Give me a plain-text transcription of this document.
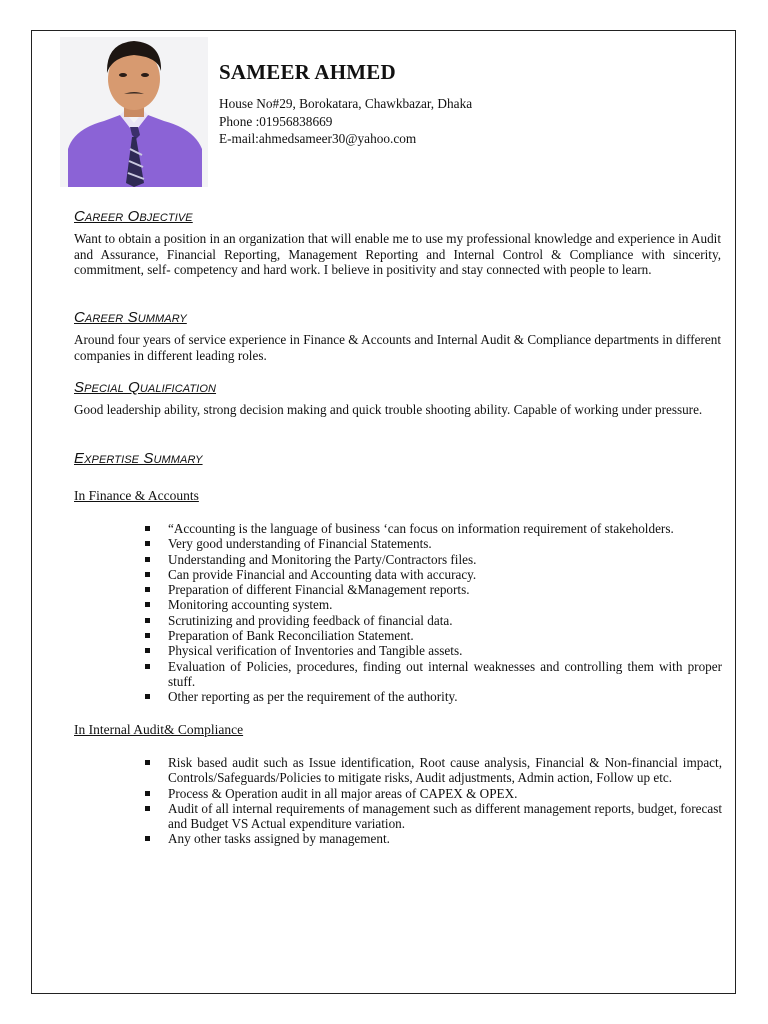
SAMEER AHMED
House No#29, Borokatara, Chawkbazar, Dhaka
Phone :01956838669
E-mail:ahmedsameer30@yahoo.com
Career Objective

Want to obtain a position in an organization that will enable me to use my professional knowledge and experience in Audit and Assurance, Financial Reporting, Management Reporting and Internal Control & Compliance with sincerity, commitment, self- competency and hard work. I believe in positivity and stay connected with people to learn.

Career Summary

Around four years of service experience in Finance & Accounts and Internal Audit & Compliance departments in different companies in different leading roles.

Special Qualification

Good leadership ability, strong decision making and quick trouble shooting ability. Capable of working under pressure.

Expertise Summary
In Finance & Accounts
“Accounting is the language of business ‘can focus on information requirement of stakeholders.
Very good understanding of Financial Statements.
Understanding and Monitoring the Party/Contractors files.
Can provide Financial and Accounting data with accuracy.
Preparation of different Financial &Management reports.
Monitoring accounting system.
Scrutinizing and providing feedback of financial data.
Preparation of Bank Reconciliation Statement.
Physical verification of Inventories and Tangible assets.
Evaluation of Policies, procedures, finding out internal weaknesses and controlling them with proper stuff.
Other reporting as per the requirement of the authority.
In Internal Audit& Compliance
Risk based audit such as Issue identification, Root cause analysis, Financial & Non-financial impact, Controls/Safeguards/Policies to mitigate risks, Audit adjustments, Admin action, Follow up etc.
Process & Operation audit in all major areas of CAPEX & OPEX.
Audit of all internal requirements of management such as different management reports, budget, forecast and Budget VS Actual expenditure variation.
Any other tasks assigned by management.
